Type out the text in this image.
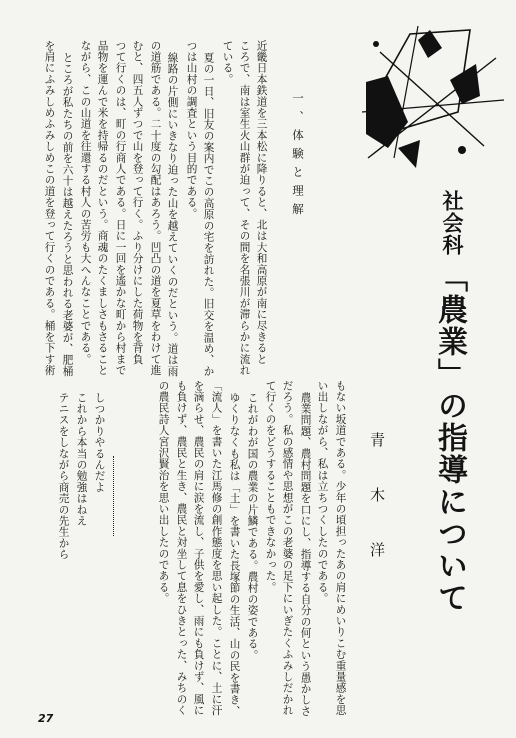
一、体験と理解
社会科
「農業」の指導について
青木洋
近畿日本鉄道を三本松に降りると、北は大和高原が南に尽きると
ころで、南は室生火山群が迫って、その間を名張川が滞らかに流れ
ている。
夏の一日、旧友の案内でこの高原の宅を訪れた。旧交を温め、か
つは山村の調査という目的である。
線路の片側にいきなり迫った山を越えていくのだという。道は雨
の道筋である。二十度の勾配はあろう。凹凸の道を夏草をわけて進
むと、四五人ずつで山を登って行く。ふり分けにした荷物を背負
つて行くのは、町の行商人である。日に一回を遙かな町から村まで
品物を運んで米を持帰るのだという。商魂のたくましさもさること
ながら、この山道を往還する村人の苦労も大へんなことである。
ところが私たちの前を六十は越えたろうと思われる老婆が、肥桶
を肩にふみしめふみしめこの道を登って行くのである。桶を下す術
もない坂道である。少年の頃担ったあの肩にめいりこむ重量感を思
い出しながら、私は立ちつくしたのである。
農業問題、農村問題を口にし、指導する自分の何という愚かしさ
だろう。私の感情や思想がこの老婆の足下にいぎたくふみしだかれ
て行くのをどうすることもできなかった。
これがわが国の農業の片鱗である。農村の姿である。
ゆくりなくも私は「土」を書いた長塚節の生活、山の民を書き、
「流人」を書いた江馬修の創作態度を思い起した。ことに、土に汗
を滴らせ、農民の肩に涙を流し、子供を愛し、雨にも負けず、風に
も負けず、農民と生き、農民と対坐して息をひきとった、みちのく
の農民詩人宮沢賢治を思い出したのである。
しつかりやるんだよ
これから本当の勉強はねえ
テニスをしながら商売の先生から
27
